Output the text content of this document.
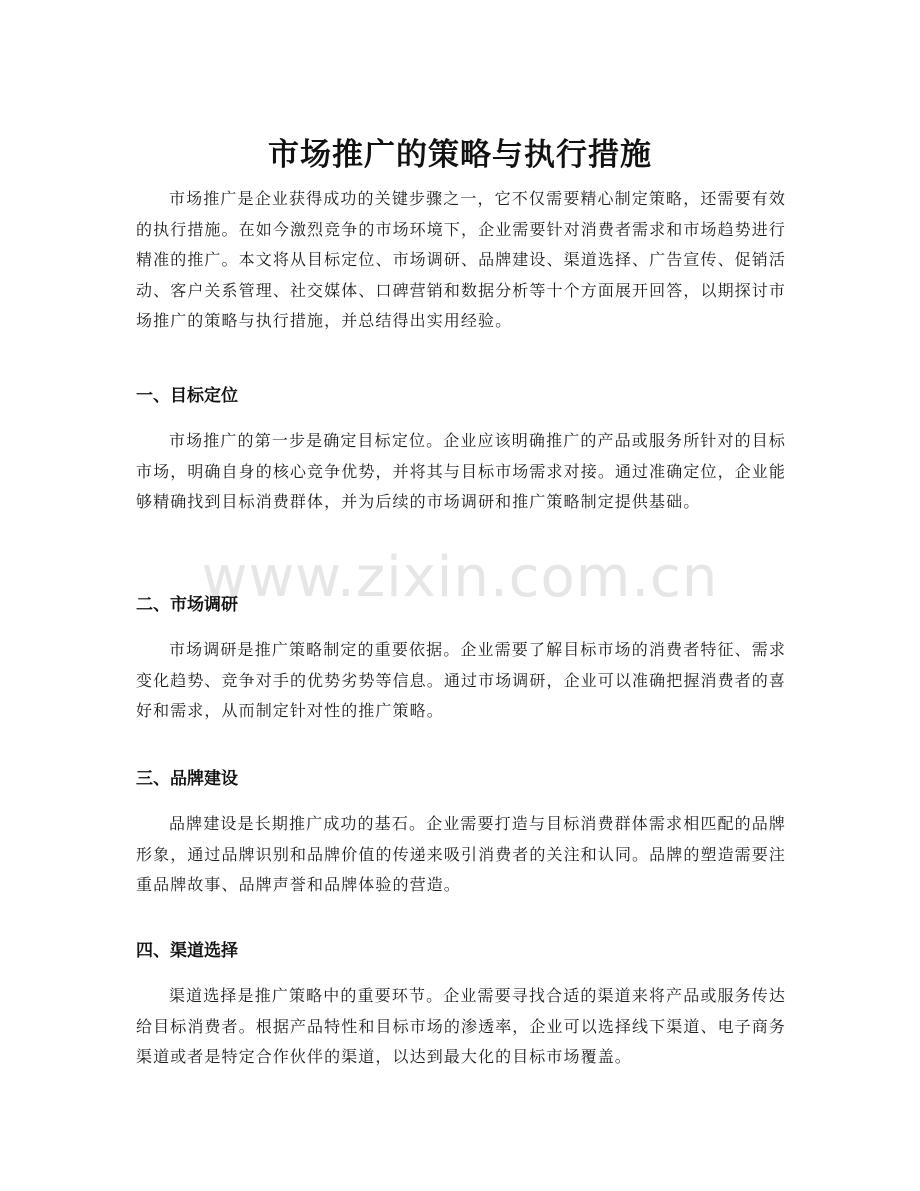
市场推广的策略与执行措施

市场推广是企业获得成功的关键步骤之一，它不仅需要精心制定策略，还需要有效的执行措施。在如今激烈竞争的市场环境下，企业需要针对消费者需求和市场趋势进行精准的推广。本文将从目标定位、市场调研、品牌建设、渠道选择、广告宣传、促销活动、客户关系管理、社交媒体、口碑营销和数据分析等十个方面展开回答，以期探讨市场推广的策略与执行措施，并总结得出实用经验。

一、目标定位

市场推广的第一步是确定目标定位。企业应该明确推广的产品或服务所针对的目标市场，明确自身的核心竞争优势，并将其与目标市场需求对接。通过准确定位，企业能够精确找到目标消费群体，并为后续的市场调研和推广策略制定提供基础。

二、市场调研

市场调研是推广策略制定的重要依据。企业需要了解目标市场的消费者特征、需求变化趋势、竞争对手的优势劣势等信息。通过市场调研，企业可以准确把握消费者的喜好和需求，从而制定针对性的推广策略。

三、品牌建设

品牌建设是长期推广成功的基石。企业需要打造与目标消费群体需求相匹配的品牌形象，通过品牌识别和品牌价值的传递来吸引消费者的关注和认同。品牌的塑造需要注重品牌故事、品牌声誉和品牌体验的营造。

四、渠道选择

渠道选择是推广策略中的重要环节。企业需要寻找合适的渠道来将产品或服务传达给目标消费者。根据产品特性和目标市场的渗透率，企业可以选择线下渠道、电子商务渠道或者是特定合作伙伴的渠道，以达到最大化的目标市场覆盖。

www.zixin.com.cn
